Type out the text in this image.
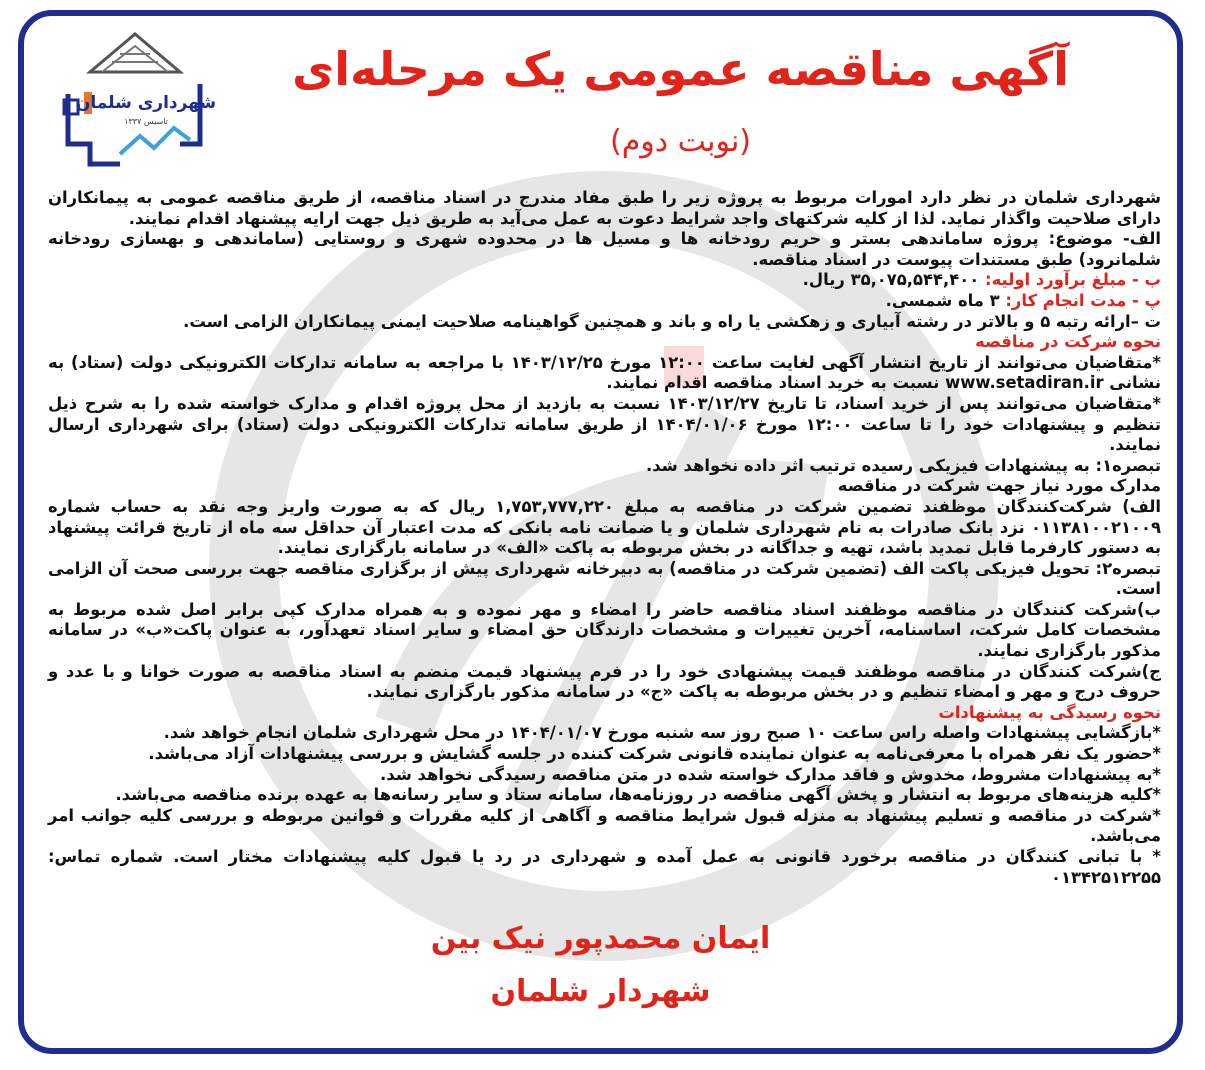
شهرداری شلمان
تاسیس ۱۳۳۷
آگهی مناقصه عمومی یک مرحله‌ای
(نوبت دوم)

شهرداری شلمان در نظر دارد امورات مربوط به پروژه زیر را طبق مفاد مندرج در اسناد مناقصه، از طریق مناقصه عمومی به پیمانکاران دارای صلاحیت واگذار نماید. لذا از کلیه شرکتهای واجد شرایط دعوت به عمل می‌آید به طریق ذیل جهت ارایه پیشنهاد اقدام نمایند.

الف- موضوع: پروژه ساماندهی بستر و حریم رودخانه ها و مسیل ها در محدوده شهری و روستایی (ساماندهی و بهسازی رودخانه شلمانرود) طبق مستندات پیوست در اسناد مناقصه.

ب - مبلغ برآورد اولیه: ۳۵,۰۷۵,۵۴۴,۴۰۰ ریال.

پ - مدت انجام کار: ۳ ماه شمسی.

ت –ارائه رتبه ۵ و بالاتر در رشته آبیاری و زهکشی یا راه و باند و همچنین گواهینامه صلاحیت ایمنی پیمانکاران الزامی است.

نحوه شرکت در مناقصه

*متقاضیان می‌توانند از تاریخ انتشار آگهی لغایت ساعت ۱۲:۰۰ مورخ ۱۴۰۳/۱۲/۲۵ با مراجعه به سامانه تدارکات الکترونیکی دولت (ستاد) به نشانی www.setadiran.ir نسبت به خرید اسناد مناقصه اقدام نمایند.

*متقاضیان می‌توانند پس از خرید اسناد، تا تاریخ ۱۴۰۳/۱۲/۲۷ نسبت به بازدید از محل پروژه اقدام و مدارک خواسته شده را به شرح ذیل تنظیم و پیشنهادات خود را تا ساعت ۱۲:۰۰ مورخ ۱۴۰۴/۰۱/۰۶ از طریق سامانه تدارکات الکترونیکی دولت (ستاد) برای شهرداری ارسال نمایند.

تبصره۱: به پیشنهادات فیزیکی رسیده ترتیب اثر داده نخواهد شد.

مدارک مورد نیاز جهت شرکت در مناقصه

الف) شرکت‌کنندگان موظفند تضمین شرکت در مناقصه به مبلغ ۱,۷۵۳,۷۷۷,۲۲۰ ریال که به صورت واریز وجه نقد به حساب شماره ۰۱۱۳۸۱۰۰۲۱۰۰۹ نزد بانک صادرات به نام شهرداری شلمان و یا ضمانت نامه بانکی که مدت اعتبار آن حداقل سه ماه از تاریخ قرائت پیشنهاد به دستور کارفرما قابل تمدید باشد، تهیه و جداگانه در بخش مربوطه به پاکت «الف» در سامانه بارگزاری نمایند.

تبصره۲: تحویل فیزیکی پاکت الف (تضمین شرکت در مناقصه) به دبیرخانه شهرداری پیش از برگزاری مناقصه جهت بررسی صحت آن الزامی است.

ب)شرکت کنندگان در مناقصه موظفند اسناد مناقصه حاضر را امضاء و مهر نموده و به همراه مدارک کپی برابر اصل شده مربوط به مشخصات کامل شرکت، اساسنامه، آخرین تغییرات و مشخصات دارندگان حق امضاء و سایر اسناد تعهدآور، به عنوان پاکت«ب» در سامانه مذکور بارگزاری نمایند.

ج)شرکت کنندگان در مناقصه موظفند قیمت پیشنهادی خود را در فرم پیشنهاد قیمت منضم به اسناد مناقصه به صورت خوانا و با عدد و حروف درج و مهر و امضاء تنظیم و در بخش مربوطه به پاکت «ج» در سامانه مذکور بارگزاری نمایند.

نحوه رسیدگی به پیشنهادات

*بازگشایی پیشنهادات واصله راس ساعت ۱۰ صبح روز سه شنبه مورخ ۱۴۰۴/۰۱/۰۷ در محل شهرداری شلمان انجام خواهد شد.

*حضور یک نفر همراه با معرفی‌نامه به عنوان نماینده قانونی شرکت کننده در جلسه گشایش و بررسی پیشنهادات آزاد می‌باشد.

*به پیشنهادات مشروط، مخدوش و فاقد مدارک خواسته شده در متن مناقصه رسیدگی نخواهد شد.

*کلیه هزینه‌های مربوط به انتشار و پخش آگهی مناقصه در روزنامه‌ها، سامانه ستاد و سایر رسانه‌ها به عهده برنده مناقصه می‌باشد.

*شرکت در مناقصه و تسلیم پیشنهاد به منزله قبول شرایط مناقصه و آگاهی از کلیه مقررات و قوانین مربوطه و بررسی کلیه جوانب امر می‌باشد.

* با تبانی کنندگان در مناقصه برخورد قانونی به عمل آمده و شهرداری در رد یا قبول کلیه پیشنهادات مختار است. شماره تماس: ۰۱۳۴۲۵۱۲۲۵۵

ایمان محمدپور نیک بین
شهردار شلمان
